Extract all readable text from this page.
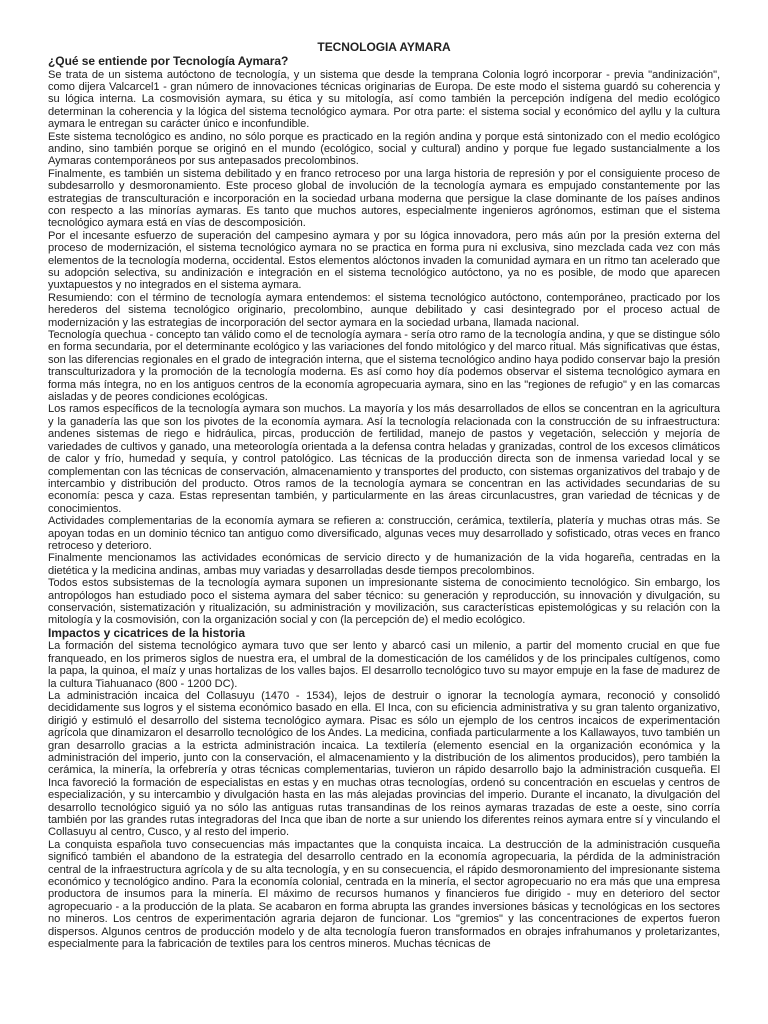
TECNOLOGIA AYMARA
¿Qué se entiende por Tecnología Aymara?

Se trata de un sistema autóctono de tecnología, y un sistema que desde la temprana Colonia logró incorporar - previa "andinización", como dijera Valcarcel1 - gran número de innovaciones técnicas originarias de Europa. De este modo el sistema guardó su coherencia y su lógica interna. La cosmovisión aymara, su ética y su mitología, así como también la percepción indígena del medio ecológico determinan la coherencia y la lógica del sistema tecnológico aymara. Por otra parte: el sistema social y económico del ayllu y la cultura aymara le entregan su carácter único e inconfundible.

Este sistema tecnológico es andino, no sólo porque es practicado en la región andina y porque está sintonizado con el medio ecológico andino, sino también porque se originó en el mundo (ecológico, social y cultural) andino y porque fue legado sustancialmente a los Aymaras contemporáneos por sus antepasados precolombinos.

Finalmente, es también un sistema debilitado y en franco retroceso por una larga historia de represión y por el consiguiente proceso de subdesarrollo y desmoronamiento. Este proceso global de involución de la tecnología aymara es empujado constantemente por las estrategias de transculturación e incorporación en la sociedad urbana moderna que persigue la clase dominante de los países andinos con respecto a las minorías aymaras. Es tanto que muchos autores, especialmente ingenieros agrónomos, estiman que el sistema tecnológico aymara está en vías de descomposición.

Por el incesante esfuerzo de superación del campesino aymara y por su lógica innovadora, pero más aún por la presión externa del proceso de modernización, el sistema tecnológico aymara no se practica en forma pura ni exclusiva, sino mezclada cada vez con más elementos de la tecnología moderna, occidental. Estos elementos alóctonos invaden la comunidad aymara en un ritmo tan acelerado que su adopción selectiva, su andinización e integración en el sistema tecnológico autóctono, ya no es posible, de modo que aparecen yuxtapuestos y no integrados en el sistema aymara.

Resumiendo: con el término de tecnología aymara entendemos: el sistema tecnológico autóctono, contemporáneo, practicado por los herederos del sistema tecnológico originario, precolombino, aunque debilitado y casi desintegrado por el proceso actual de modernización y las estrategias de incorporación del sector aymara en la sociedad urbana, llamada nacional.

Tecnología quechua - concepto tan válido como el de tecnología aymara - sería otro ramo de la tecnología andina, y que se distingue sólo en forma secundaria, por el determinante ecológico y las variaciones del fondo mitológico y del marco ritual. Más significativas que éstas, son las diferencias regionales en el grado de integración interna, que el sistema tecnológico andino haya podido conservar bajo la presión transculturizadora y la promoción de la tecnología moderna. Es así como hoy día podemos observar el sistema tecnológico aymara en forma más íntegra, no en los antiguos centros de la economía agropecuaria aymara, sino en las "regiones de refugio" y en las comarcas aisladas y de peores condiciones ecológicas.

Los ramos específicos de la tecnología aymara son muchos. La mayoría y los más desarrollados de ellos se concentran en la agricultura y la ganadería las que son los pivotes de la economía aymara. Así la tecnología relacionada con la construcción de su infraestructura: andenes sistemas de riego e hidráulica, pircas, producción de fertilidad, manejo de pastos y vegetación, selección y mejoría de variedades de cultivos y ganado, una meteorología orientada a la defensa contra heladas y granizadas, control de los excesos climáticos de calor y frío, humedad y sequía, y control patológico. Las técnicas de la producción directa son de inmensa variedad local y se complementan con las técnicas de conservación, almacenamiento y transportes del producto, con sistemas organizativos del trabajo y de intercambio y distribución del producto. Otros ramos de la tecnología aymara se concentran en las actividades secundarias de su economía: pesca y caza. Estas representan también, y particularmente en las áreas circunlacustres, gran variedad de técnicas y de conocimientos.

Actividades complementarias de la economía aymara se refieren a: construcción, cerámica, textilería, platería y muchas otras más. Se apoyan todas en un dominio técnico tan antiguo como diversificado, algunas veces muy desarrollado y sofisticado, otras veces en franco retroceso y deterioro.

Finalmente mencionamos las actividades económicas de servicio directo y de humanización de la vida hogareña, centradas en la dietética y la medicina andinas, ambas muy variadas y desarrolladas desde tiempos precolombinos.

Todos estos subsistemas de la tecnología aymara suponen un impresionante sistema de conocimiento tecnológico. Sin embargo, los antropólogos han estudiado poco el sistema aymara del saber técnico: su generación y reproducción, su innovación y divulgación, su conservación, sistematización y ritualización, su administración y movilización, sus características epistemológicas y su relación con la mitología y la cosmovisión, con la organización social y con (la percepción de) el medio ecológico.

Impactos y cicatrices de la historia

La formación del sistema tecnológico aymara tuvo que ser lento y abarcó casi un milenio, a partir del momento crucial en que fue franqueado, en los primeros siglos de nuestra era, el umbral de la domesticación de los camélidos y de los principales cultígenos, como la papa, la quinoa, el maíz y unas hortalizas de los valles bajos. El desarrollo tecnológico tuvo su mayor empuje en la fase de madurez de la cultura Tiahuanaco (800 - 1200 DC).

La administración incaica del Collasuyu (1470 - 1534), lejos de destruir o ignorar la tecnología aymara, reconoció y consolidó decididamente sus logros y el sistema económico basado en ella. El Inca, con su eficiencia administrativa y su gran talento organizativo, dirigió y estimuló el desarrollo del sistema tecnológico aymara. Pisac es sólo un ejemplo de los centros incaicos de experimentación agrícola que dinamizaron el desarrollo tecnológico de los Andes. La medicina, confiada particularmente a los Kallawayos, tuvo también un gran desarrollo gracias a la estricta administración incaica. La textilería (elemento esencial en la organización económica y la administración del imperio, junto con la conservación, el almacenamiento y la distribución de los alimentos producidos), pero también la cerámica, la minería, la orfebrería y otras técnicas complementarias, tuvieron un rápido desarrollo bajo la administración cusqueña. El Inca favoreció la formación de especialistas en estas y en muchas otras tecnologías, ordenó su concentración en escuelas y centros de especialización, y su intercambio y divulgación hasta en las más alejadas provincias del imperio. Durante el incanato, la divulgación del desarrollo tecnológico siguió ya no sólo las antiguas rutas transandinas de los reinos aymaras trazadas de este a oeste, sino corría también por las grandes rutas integradoras del Inca que iban de norte a sur uniendo los diferentes reinos aymara entre sí y vinculando el Collasuyu al centro, Cusco, y al resto del imperio.

La conquista española tuvo consecuencias más impactantes que la conquista incaica. La destrucción de la administración cusqueña significó también el abandono de la estrategia del desarrollo centrado en la economía agropecuaria, la pérdida de la administración central de la infraestructura agrícola y de su alta tecnología, y en su consecuencia, el rápido desmoronamiento del impresionante sistema económico y tecnológico andino. Para la economía colonial, centrada en la minería, el sector agropecuario no era más que una empresa productora de insumos para la minería. El máximo de recursos humanos y financieros fue dirigido - muy en deterioro del sector agropecuario - a la producción de la plata. Se acabaron en forma abrupta las grandes inversiones básicas y tecnológicas en los sectores no mineros. Los centros de experimentación agraria dejaron de funcionar. Los "gremios" y las concentraciones de expertos fueron dispersos. Algunos centros de producción modelo y de alta tecnología fueron transformados en obrajes infrahumanos y proletarizantes, especialmente para la fabricación de textiles para los centros mineros. Muchas técnicas de
